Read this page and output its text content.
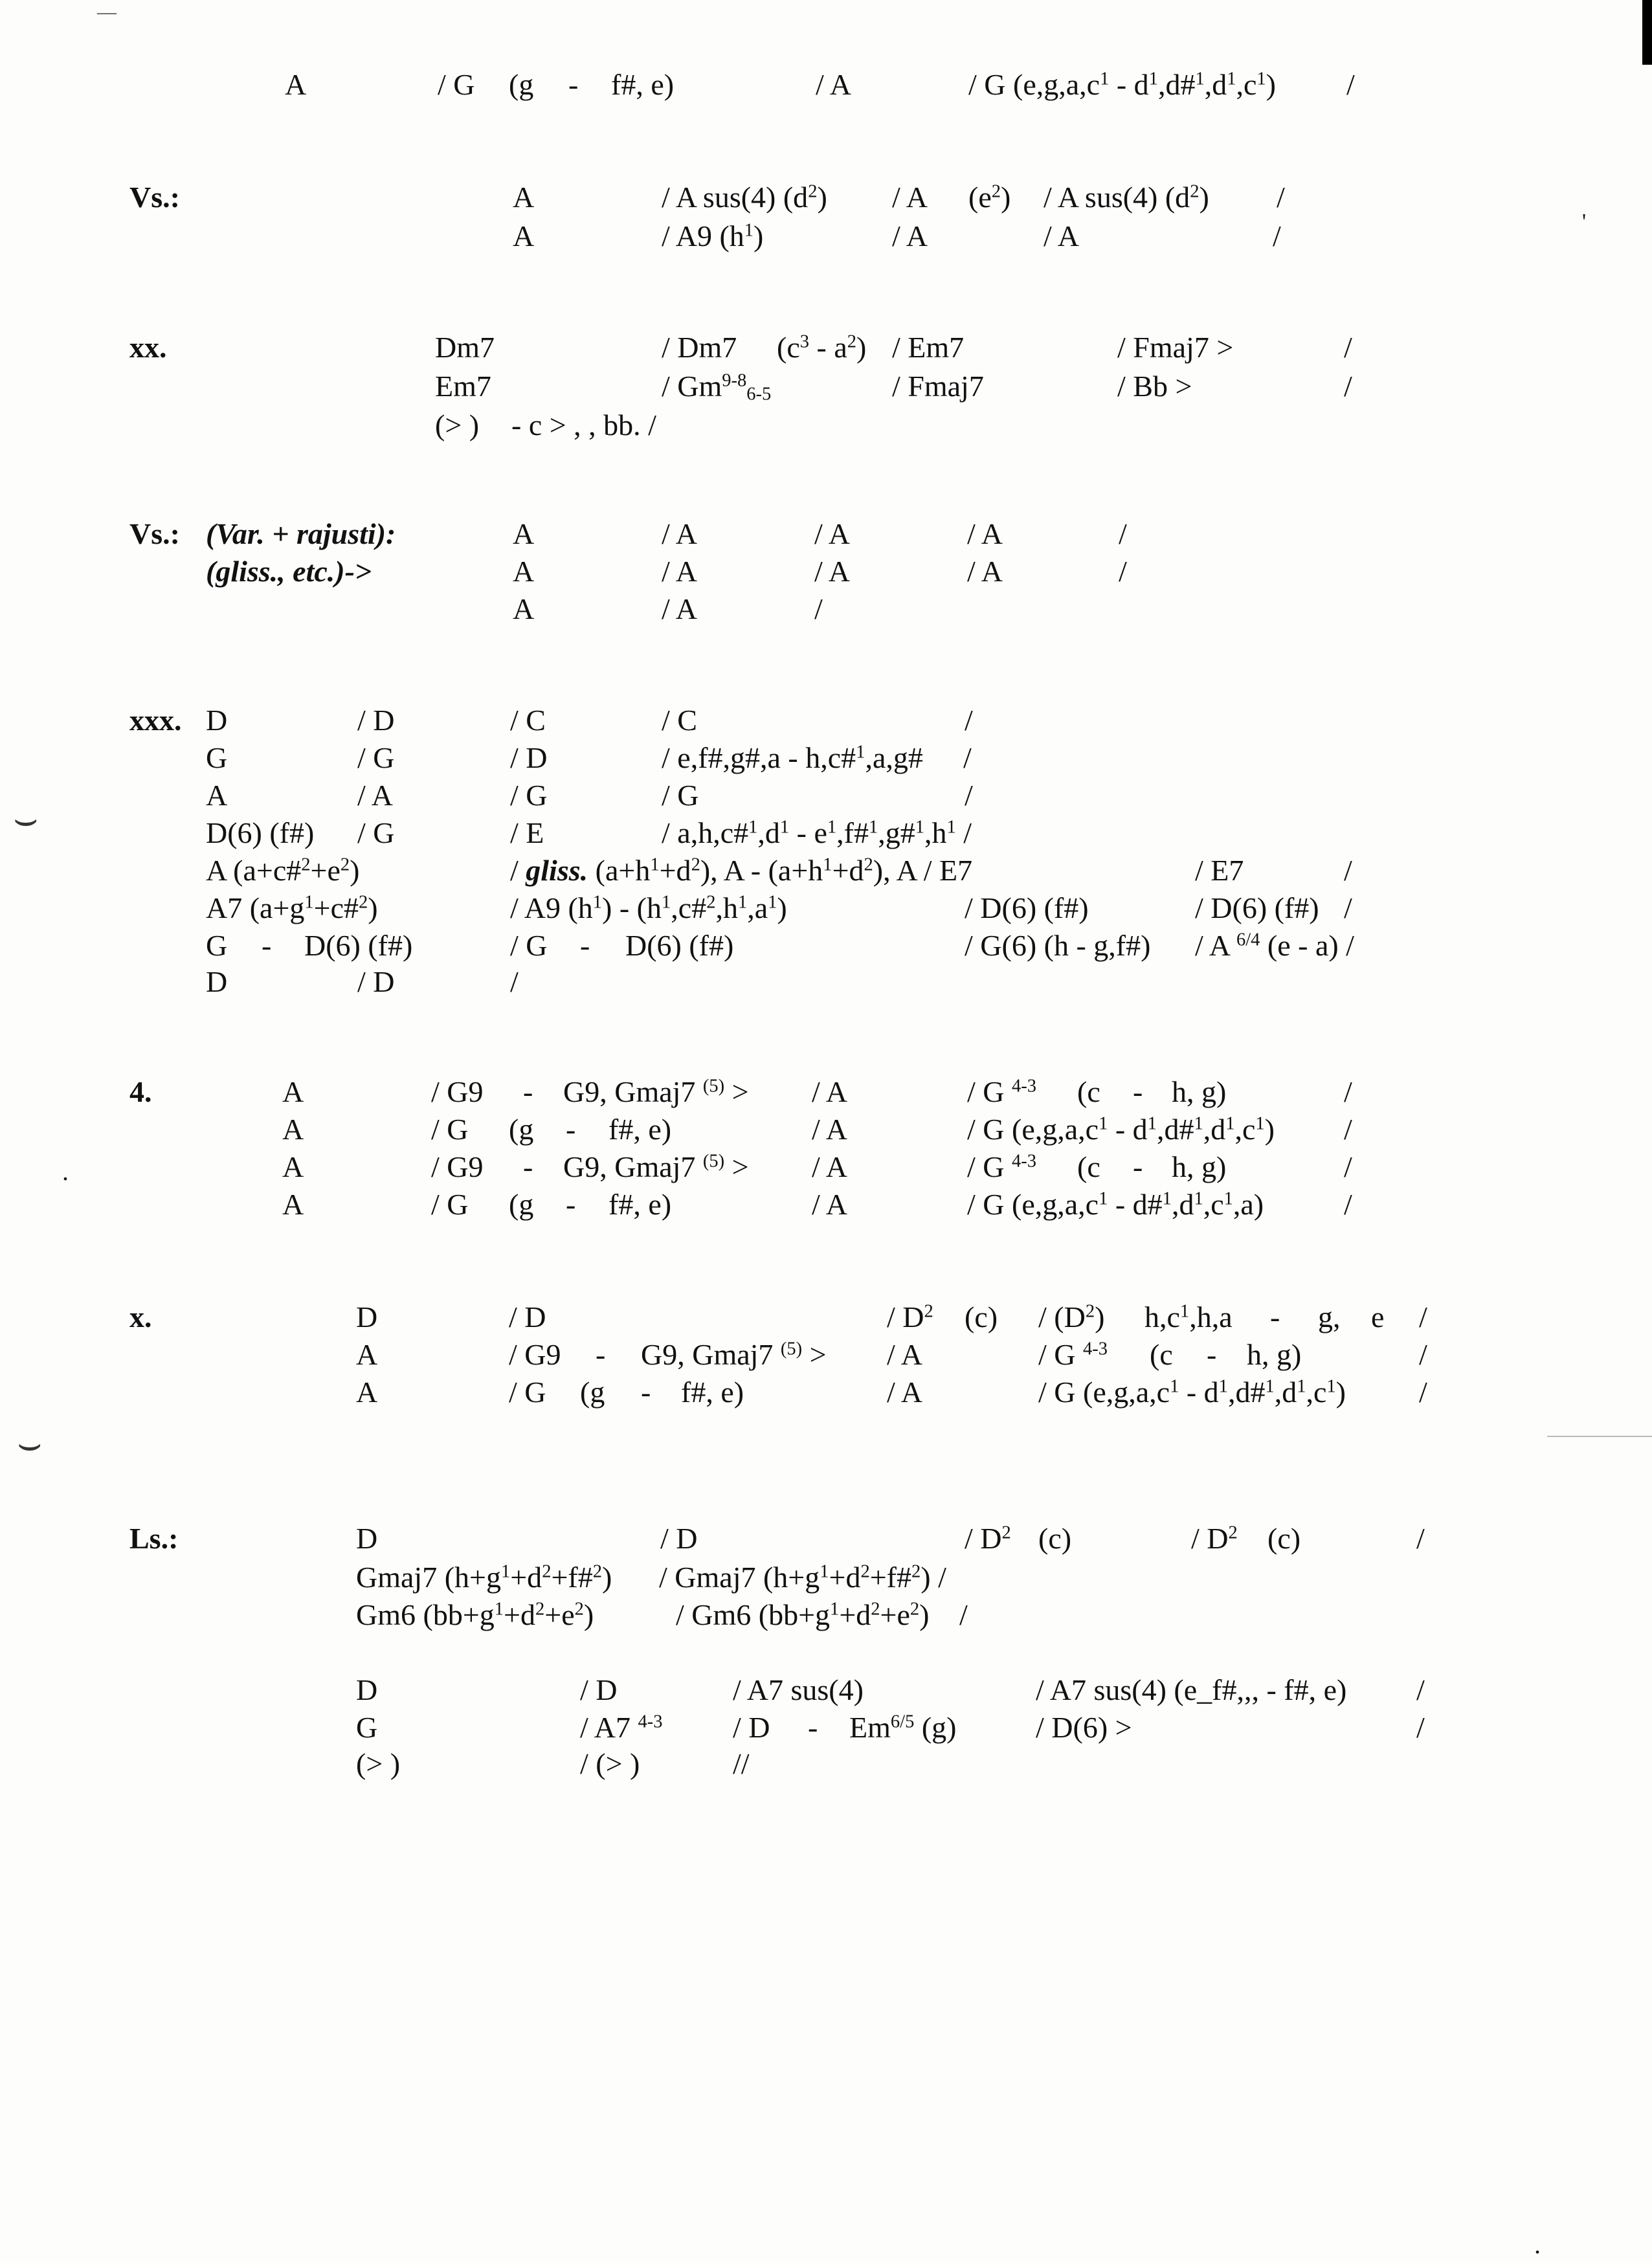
—
.
⌣
⌣
'
.
A	/ G (g - f#, e)	/ A	/ G ($e,g,a,c^1$ - $d^1,d\#^1,d^1,c^1$) /
Vs.:	A	/ A sus(4) $(d^2)$ / A $(e^2)$ / A sus(4) $(d^2)$ /
A	/ A9 $(h^1)$	/ A	/ A	/
xx.	Dm7	/ Dm7 $(c^3 - a^2) / Em7$	/ Fmaj7 >	/
Em7	/ $Gm^{9-8}_{6-5}$	/ Fmaj7	/ Bb >	/
(> ) - c > , , bb. /
Vs.: (Var. + rajusti):	A	/ A	/ A	/ A	/
(gliss., etc.)->	A	/ A	/ A	/ A	/
A	/ A	/
xxx. D	/ D	/ C	/ C	/
G	/ G	/ D	/ e,f#,g#,a - h,c#$^1$,a,g# /
A	/ A	/ G	/ G	/
D(6) (f#) / G	/ E	/ $a,h,c\#^1,d^1$ - $e^1,f\#^1,g\#^1,h^1$ /
A $(a+c\#^2+e^2)$	/ gliss. $(a+h^1+d^2)$, $A - (a+h^1+d^2)$, A / E7	/ E7	/
A7 $(a+g^1+c\#^2)$	/ A9 $(h^1)$ - $(h^1,c\#^2,h^1,a^1)$	/ D(6) (f#)	/ D(6) (f#) /
G - D(6) (f#)	/ G - D(6) (f#)	/ G(6) (h - g,f#) / A $^{6/4}$ (e - a) /
D	/ D	/
4.	A	/ G9 - G9, Gmaj7 $^{(5)}$ > / A	/ G $^{4-3}$ (c - h, g)	/
A	/ G (g - f#, e)	/ A	/ G ($e,g,a,c^1$ - $d^1,d\#^1,d^1,c^1$) /
A	/ G9 - G9, Gmaj7 $^{(5)}$ > / A	/ G $^{4-3}$ (c - h, g)	/
A	/ G (g - f#, e)	/ A	/ G ($e,g,a,c^1$ - $d\#^1,d^1,c^1,a$)	/
x.	D	/ D	/ $D^2$ $(c) / (D^2)$ $h,c^1,h,a$ - g, e /
A	/ G9 - G9, Gmaj7 $^{(5)}$ > / A	/ G $^{4-3}$ (c - h, g)	/
A	/ G (g - f#, e)	/ A	/ G ($e,g,a,c^1$ - $d^1,d\#^1,d^1,c^1$) /
Ls.:	D	/ D	/ $D^2$ (c)	/ $D^2$ (c)	/
Gmaj7 $(h+g^1+d^2+f\#^2)$ / Gmaj7 $(h+g^1+d^2+f\#^2)$ /
Gm6 $(bb+g^1+d^2+e^2)$	/ Gm6 $(bb+g^1+d^2+e^2)$ /
D	/ D	/ A7 sus(4)	/ A7 sus(4) (e_f#,,, - f#, e) /
G	/ A7 $^{4-3}$ / D - $Em^{6/5}$ (g)	/ D(6) >	/
(> )	/ (> )	//
